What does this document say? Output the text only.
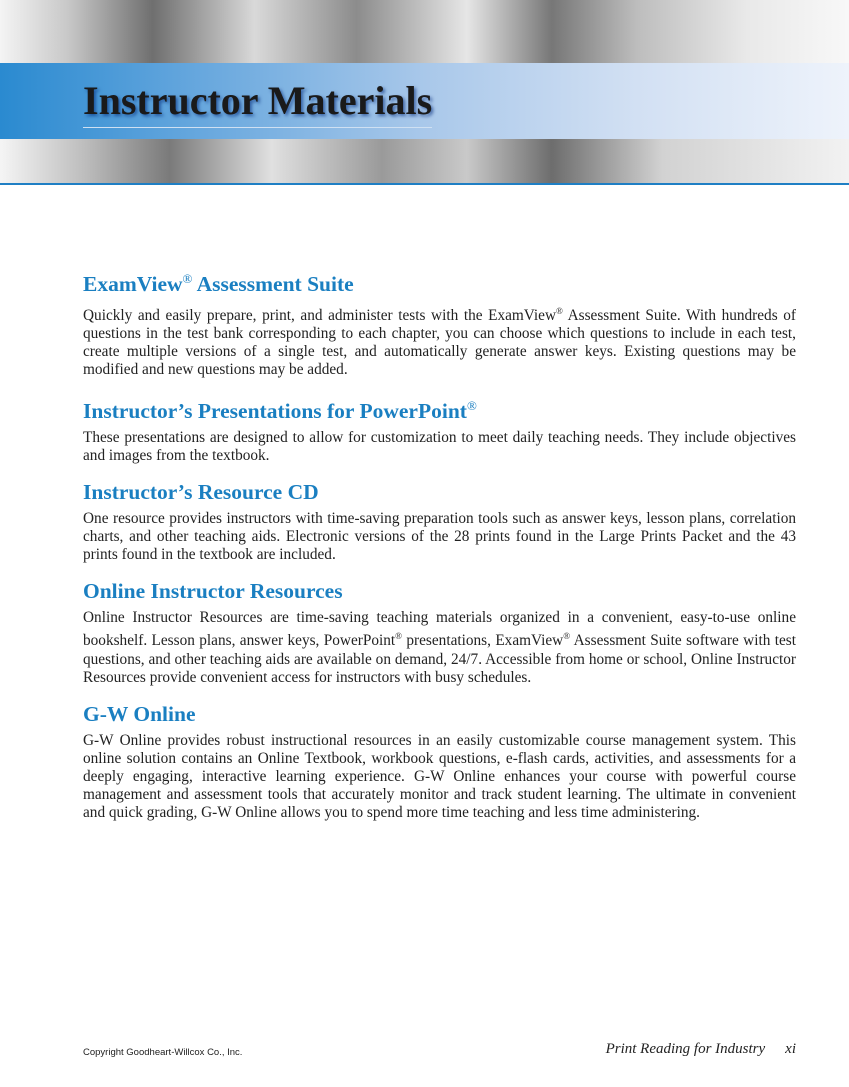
Instructor Materials
ExamView® Assessment Suite

Quickly and easily prepare, print, and administer tests with the ExamView® Assessment Suite. With hundreds of questions in the test bank corresponding to each chapter, you can choose which questions to include in each test, create multiple versions of a single test, and automatically generate answer keys. Existing questions may be modified and new questions may be added.

Instructor’s Presentations for PowerPoint®

These presentations are designed to allow for customization to meet daily teaching needs. They include objectives and images from the textbook.

Instructor’s Resource CD

One resource provides instructors with time-saving preparation tools such as answer keys, lesson plans, correlation charts, and other teaching aids. Electronic versions of the 28 prints found in the Large Prints Packet and the 43 prints found in the textbook are included.

Online Instructor Resources

Online Instructor Resources are time-saving teaching materials organized in a convenient, easy-to-use online bookshelf. Lesson plans, answer keys, PowerPoint® presentations, ExamView® Assessment Suite software with test questions, and other teaching aids are available on demand, 24/7. Accessible from home or school, Online Instructor Resources provide convenient access for instructors with busy schedules.

G-W Online

G-W Online provides robust instructional resources in an easily customizable course management system. This online solution contains an Online Textbook, workbook questions, e-flash cards, activities, and assessments for a deeply engaging, interactive learning experience. G-W Online enhances your course with powerful course management and assessment tools that accurately monitor and track student learning. The ultimate in convenient and quick grading, G-W Online allows you to spend more time teaching and less time administering.

Copyright Goodheart-Willcox Co., Inc.	Print Reading for Industry xi
